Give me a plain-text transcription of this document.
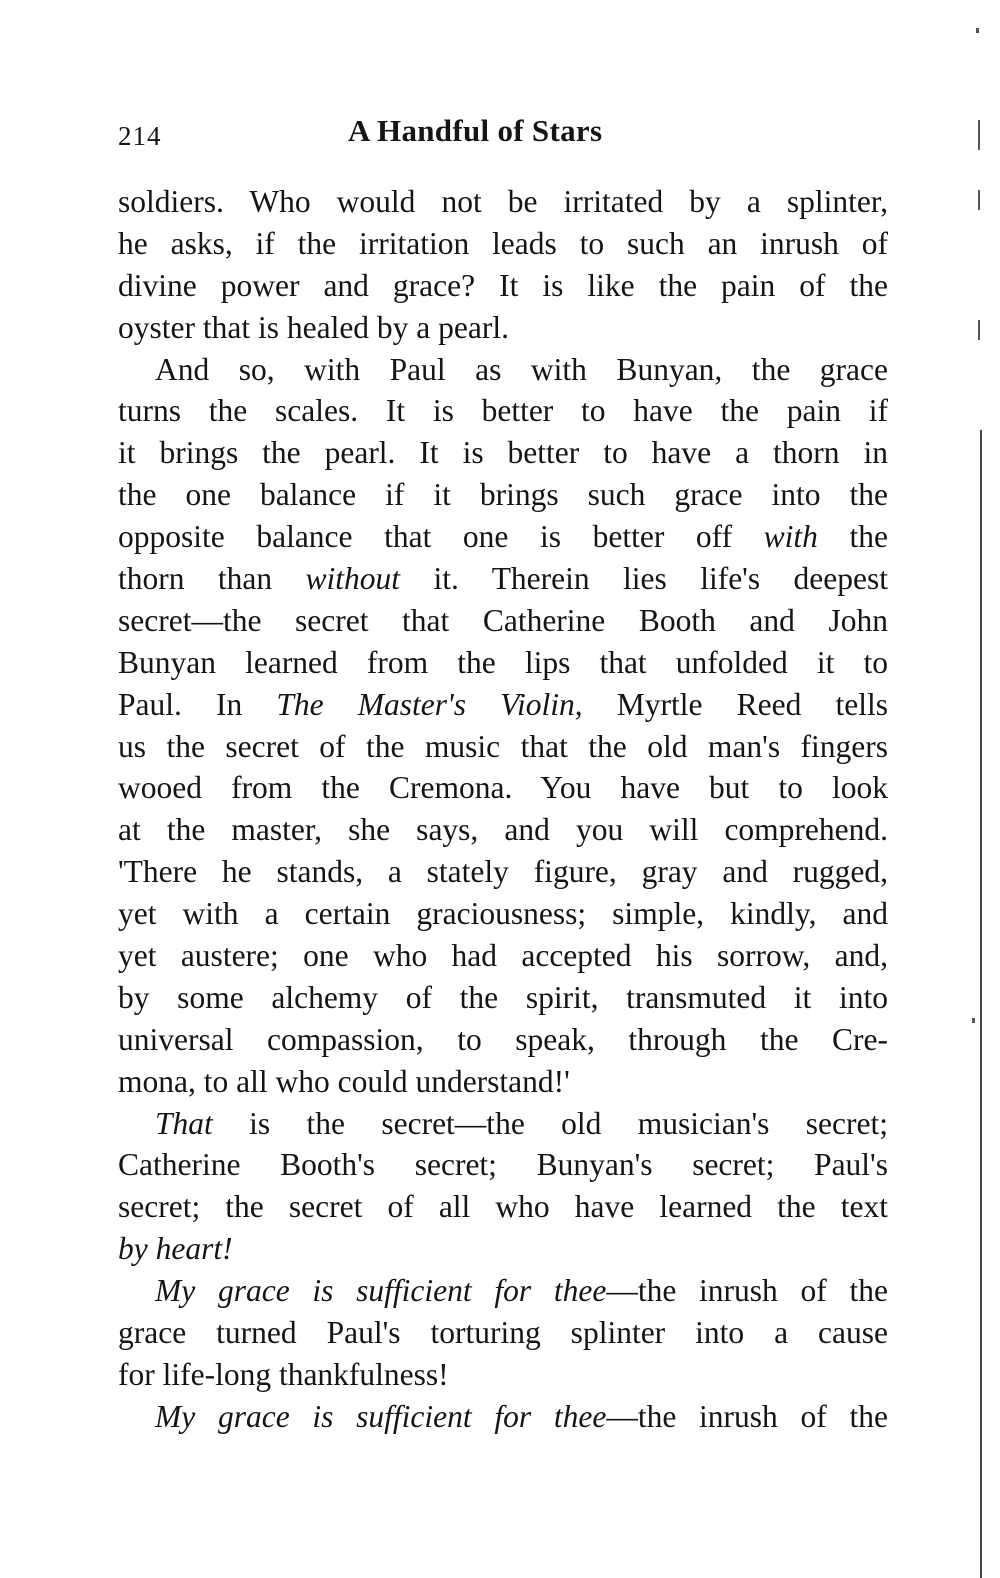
214	A Handful of Stars
soldiers. Who would not be irritated by a splinter,
he asks, if the irritation leads to such an inrush of
divine power and grace? It is like the pain of the
oyster that is healed by a pearl.
And so, with Paul as with Bunyan, the grace
turns the scales. It is better to have the pain if
it brings the pearl. It is better to have a thorn in
the one balance if it brings such grace into the
opposite balance that one is better off with the
thorn than without it. Therein lies life's deepest
secret—the secret that Catherine Booth and John
Bunyan learned from the lips that unfolded it to
Paul. In The Master's Violin, Myrtle Reed tells
us the secret of the music that the old man's fingers
wooed from the Cremona. You have but to look
at the master, she says, and you will comprehend.
'There he stands, a stately figure, gray and rugged,
yet with a certain graciousness; simple, kindly, and
yet austere; one who had accepted his sorrow, and,
by some alchemy of the spirit, transmuted it into
universal compassion, to speak, through the Cre-
mona, to all who could understand!'
That is the secret—the old musician's secret;
Catherine Booth's secret; Bunyan's secret; Paul's
secret; the secret of all who have learned the text
by heart!
My grace is sufficient for thee—the inrush of the
grace turned Paul's torturing splinter into a cause
for life-long thankfulness!
My grace is sufficient for thee—the inrush of the
